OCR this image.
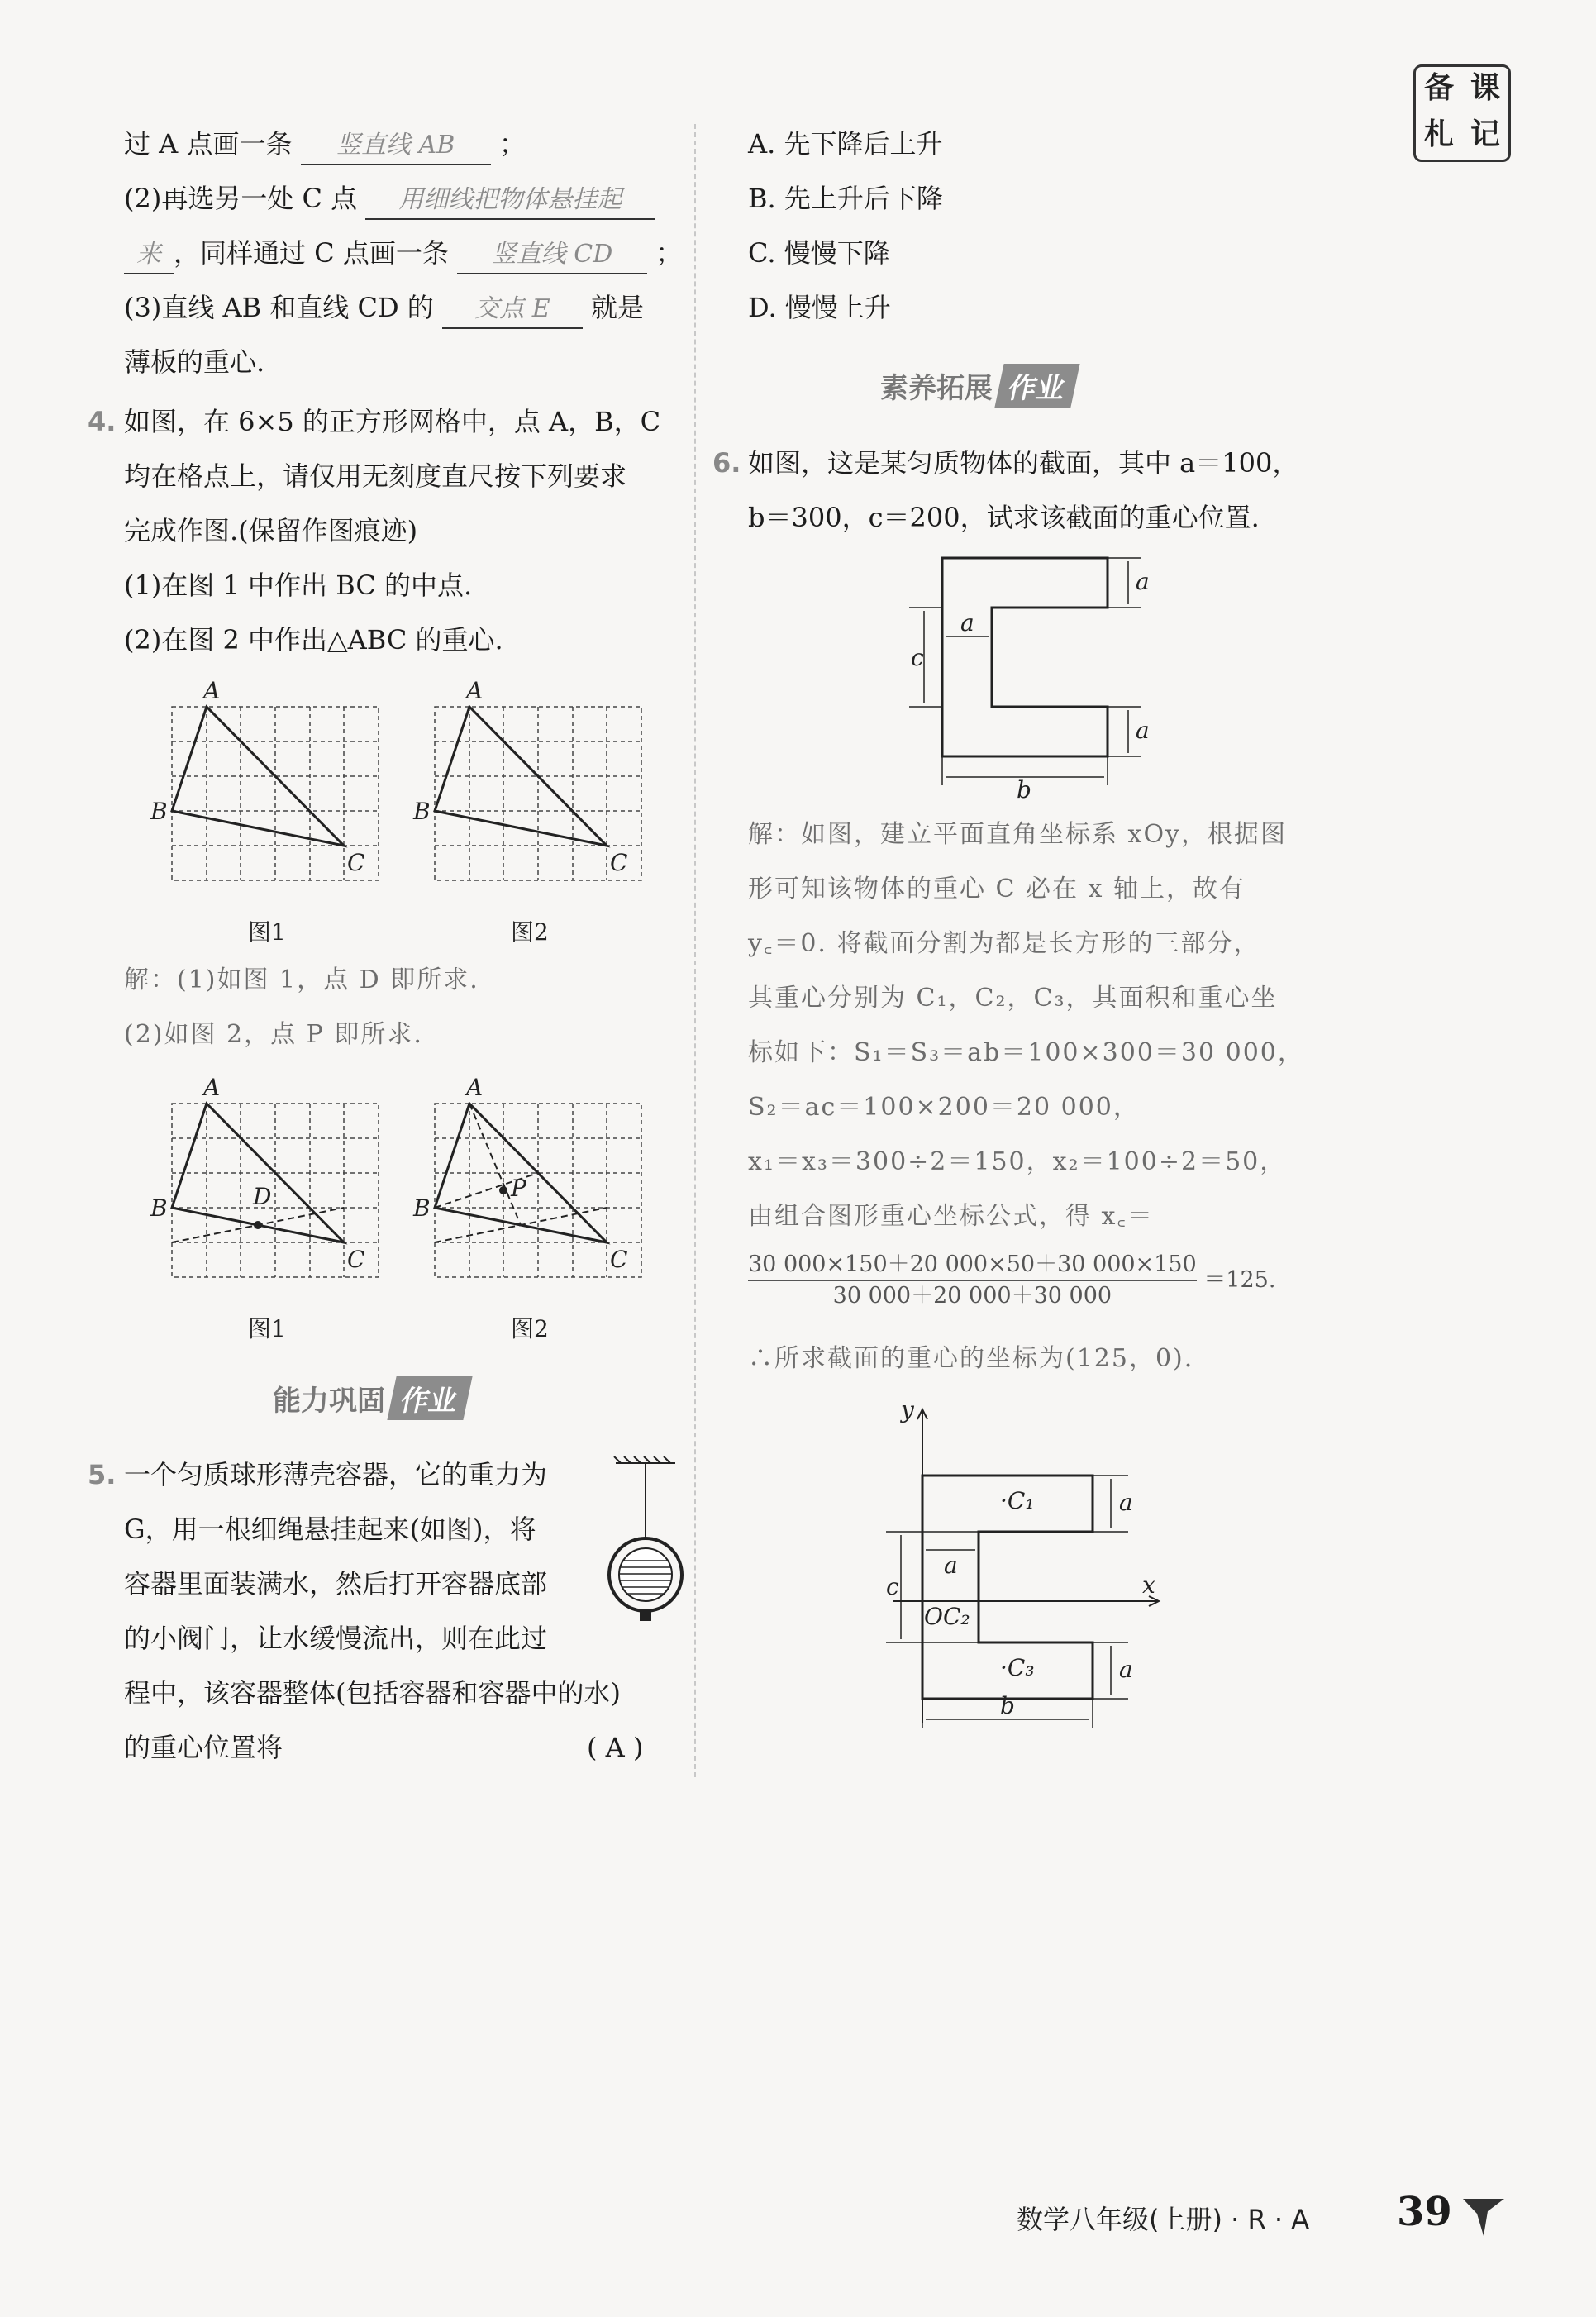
备 课
札 记
过 A 点画一条 竖直线 AB ；
(2)再选另一处 C 点 用细线把物体悬挂起
来 ，同样通过 C 点画一条 竖直线 CD ；
(3)直线 AB 和直线 CD 的 交点 E 就是
薄板的重心.
4. 如图，在 6×5 的正方形网格中，点 A，B，C
均在格点上，请仅用无刻度直尺按下列要求
完成作图.(保留作图痕迹)
(1)在图 1 中作出 BC 的中点.
(2)在图 2 中作出△ABC 的重心.
A
B
C
图1
A
B
C
图2
解：(1)如图 1，点 D 即所求.
(2)如图 2，点 P 即所求.
D
A
B
C
图1
P
A
B
C
图2
能力巩固 作业
5. 一个匀质球形薄壳容器，它的重力为
G，用一根细绳悬挂起来(如图)，将
容器里面装满水，然后打开容器底部
的小阀门，让水缓慢流出，则在此过
程中，该容器整体(包括容器和容器中的水)
的重心位置将	( A )
A. 先下降后上升
B. 先上升后下降
C. 慢慢下降
D. 慢慢上升
素养拓展 作业
6. 如图，这是某匀质物体的截面，其中 a＝100，
b＝300，c＝200，试求该截面的重心位置.
a
a
a
c
b
解：如图，建立平面直角坐标系 xOy，根据图
形可知该物体的重心 C 必在 x 轴上，故有
y꜀＝0. 将截面分割为都是长方形的三部分，
其重心分别为 C₁，C₂，C₃，其面积和重心坐
标如下：S₁＝S₃＝ab＝100×300＝30 000，
S₂＝ac＝100×200＝20 000，
x₁＝x₃＝300÷2＝150，x₂＝100÷2＝50，
由组合图形重心坐标公式，得 x꜀＝
$\frac{30 000\times 150+20 000\times 50+30 000\times 150}{30 000+20 000+30 000} =125$.
∴所求截面的重心的坐标为(125，0).
y
x
·C₁
·C₃
OC₂
a
a
a
c
b
数学八年级(上册) · R · A 39
